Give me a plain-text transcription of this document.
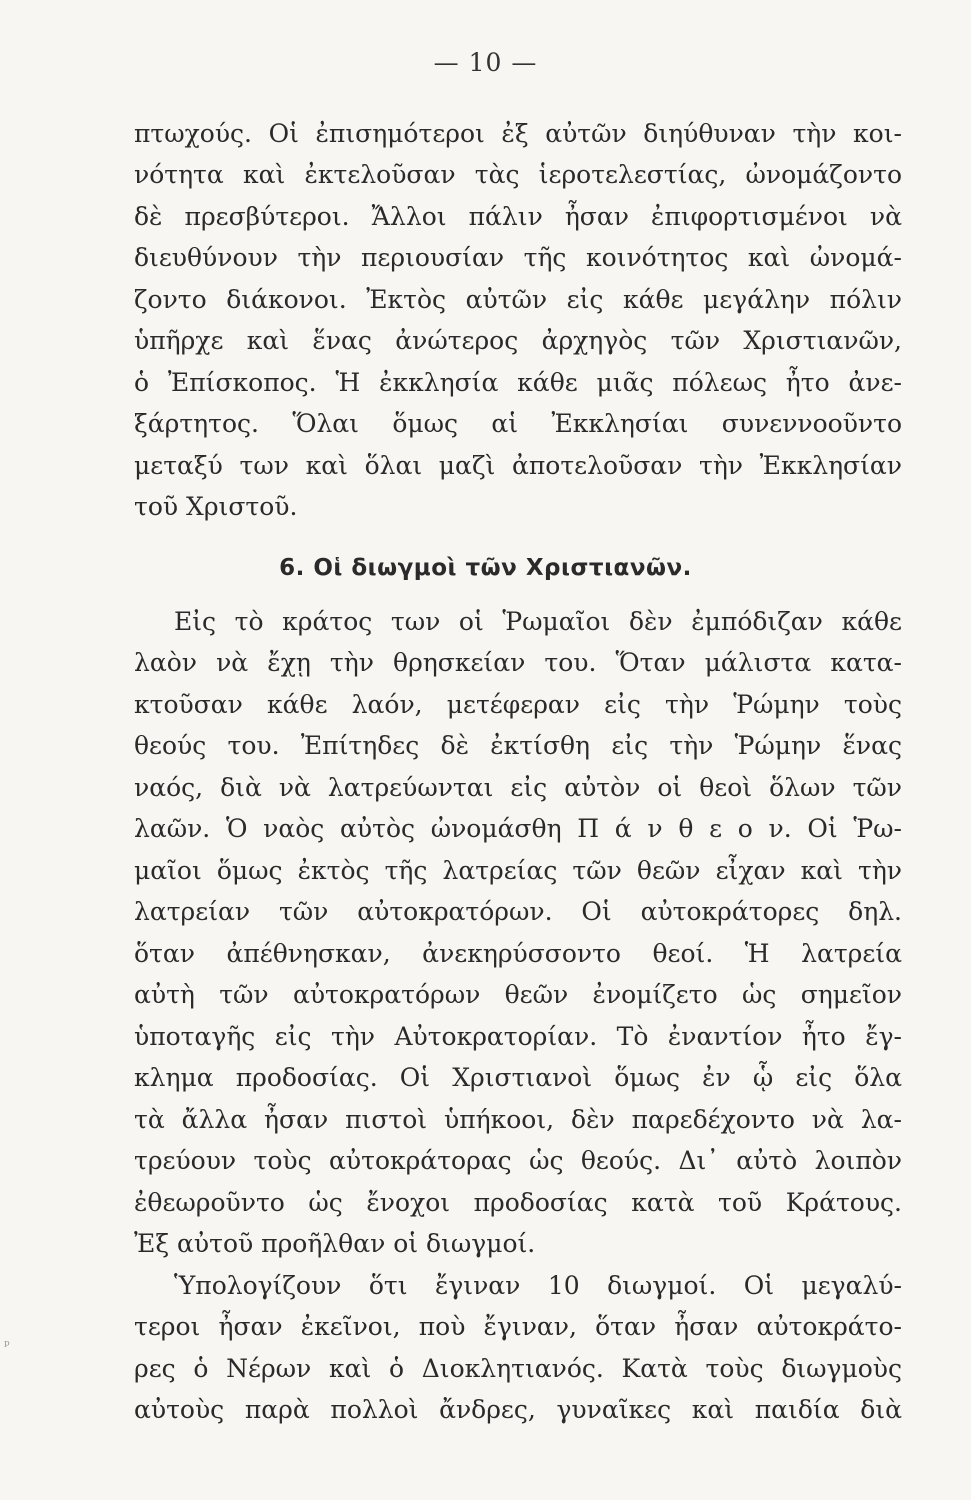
— 10 —
πτωχούς. Οἱ ἐπισημότεροι ἐξ αὐτῶν διηύθυναν τὴν κοι-
νότητα καὶ ἐκτελοῦσαν τὰς ἱεροτελεστίας, ὠνομάζοντο
δὲ πρεσβύτεροι. Ἄλλοι πάλιν ἦσαν ἐπιφορτισμένοι νὰ
διευθύνουν τὴν περιουσίαν τῆς κοινότητος καὶ ὠνομά-
ζοντο διάκονοι. Ἐκτὸς αὐτῶν εἰς κάθε μεγάλην πόλιν
ὑπῆρχε καὶ ἕνας ἀνώτερος ἀρχηγὸς τῶν Χριστιανῶν,
ὁ Ἐπίσκοπος. Ἡ ἐκκλησία κάθε μιᾶς πόλεως ἦτο ἀνε-
ξάρτητος. Ὅλαι ὅμως αἱ Ἐκκλησίαι συνεννοοῦντο
μεταξύ των καὶ ὅλαι μαζὶ ἀποτελοῦσαν τὴν Ἐκκλησίαν
τοῦ Χριστοῦ.
6. Οἱ διωγμοὶ τῶν Χριστιανῶν.
Εἰς τὸ κράτος των οἱ Ῥωμαῖοι δὲν ἐμπόδιζαν κάθε
λαὸν νὰ ἔχῃ τὴν θρησκείαν του. Ὅταν μάλιστα κατα-
κτοῦσαν κάθε λαόν, μετέφεραν εἰς τὴν Ῥώμην τοὺς
θεούς του. Ἐπίτηδες δὲ ἐκτίσθη εἰς τὴν Ῥώμην ἕνας
ναός, διὰ νὰ λατρεύωνται εἰς αὐτὸν οἱ θεοὶ ὅλων τῶν
λαῶν. Ὁ ναὸς αὐτὸς ὠνομάσθη Π ά ν θ ε ο ν. Οἱ Ῥω-
μαῖοι ὅμως ἐκτὸς τῆς λατρείας τῶν θεῶν εἶχαν καὶ τὴν
λατρείαν τῶν αὐτοκρατόρων. Οἱ αὐτοκράτορες δηλ.
ὅταν ἀπέθνησκαν, ἀνεκηρύσσοντο θεοί. Ἡ λατρεία
αὐτὴ τῶν αὐτοκρατόρων θεῶν ἐνομίζετο ὡς σημεῖον
ὑποταγῆς εἰς τὴν Αὐτοκρατορίαν. Τὸ ἐναντίον ἦτο ἔγ-
κλημα προδοσίας. Οἱ Χριστιανοὶ ὅμως ἐν ᾧ εἰς ὅλα
τὰ ἄλλα ἦσαν πιστοὶ ὑπήκοοι, δὲν παρεδέχοντο νὰ λα-
τρεύουν τοὺς αὐτοκράτορας ὡς θεούς. Δι᾽ αὐτὸ λοιπὸν
ἐθεωροῦντο ὡς ἔνοχοι προδοσίας κατὰ τοῦ Κράτους.
Ἐξ αὐτοῦ προῆλθαν οἱ διωγμοί.
Ὑπολογίζουν ὅτι ἔγιναν 10 διωγμοί. Οἱ μεγαλύ-
τεροι ἦσαν ἐκεῖνοι, ποὺ ἔγιναν, ὅταν ἦσαν αὐτοκράτο-
ρες ὁ Νέρων καὶ ὁ Διοκλητιανός. Κατὰ τοὺς διωγμοὺς
αὐτοὺς παρὰ πολλοὶ ἄνδρες, γυναῖκες καὶ παιδία διὰ
ᵖ
